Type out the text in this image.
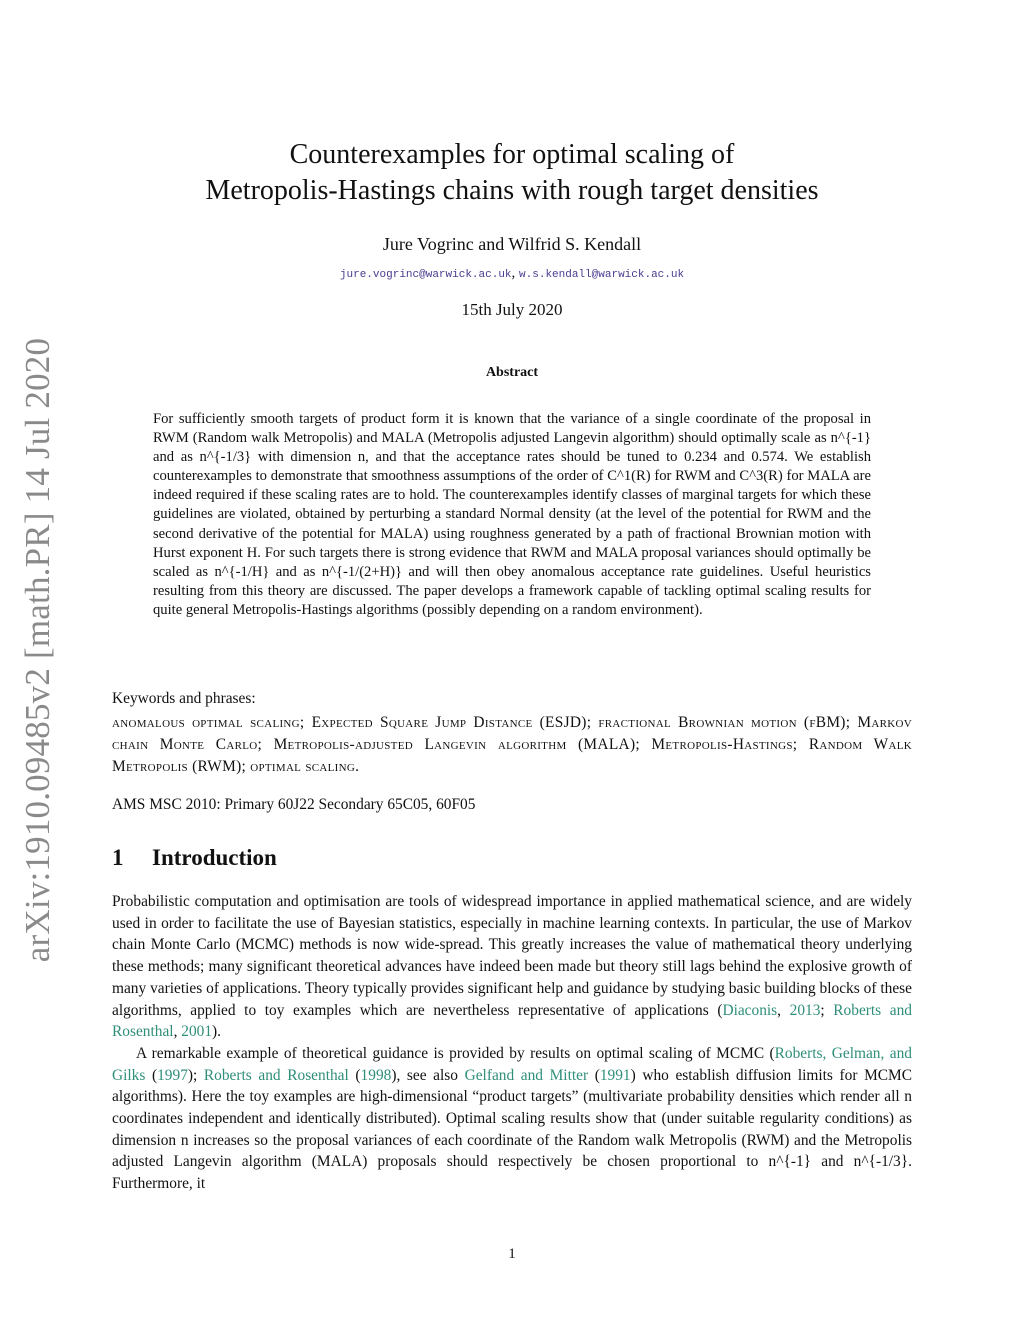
arXiv:1910.09485v2 [math.PR] 14 Jul 2020
Counterexamples for optimal scaling of
Metropolis-Hastings chains with rough target densities
Jure Vogrinc and Wilfrid S. Kendall
jure.vogrinc@warwick.ac.uk, w.s.kendall@warwick.ac.uk
15th July 2020
Abstract
For sufficiently smooth targets of product form it is known that the variance of a single coordinate of the proposal in RWM (Random walk Metropolis) and MALA (Metropolis adjusted Langevin algorithm) should optimally scale as n^{-1} and as n^{-1/3} with dimension n, and that the acceptance rates should be tuned to 0.234 and 0.574. We establish counterexamples to demonstrate that smoothness assumptions of the order of C^1(R) for RWM and C^3(R) for MALA are indeed required if these scaling rates are to hold. The counterexamples identify classes of marginal targets for which these guidelines are violated, obtained by perturbing a standard Normal density (at the level of the potential for RWM and the second derivative of the potential for MALA) using roughness generated by a path of fractional Brownian motion with Hurst exponent H. For such targets there is strong evidence that RWM and MALA proposal variances should optimally be scaled as n^{-1/H} and as n^{-1/(2+H)} and will then obey anomalous acceptance rate guidelines. Useful heuristics resulting from this theory are discussed. The paper develops a framework capable of tackling optimal scaling results for quite general Metropolis-Hastings algorithms (possibly depending on a random environment).
Keywords and phrases:
anomalous optimal scaling; Expected Square Jump Distance (ESJD); fractional Brownian motion (fBM); Markov chain Monte Carlo; Metropolis-adjusted Langevin algorithm (MALA); Metropolis-Hastings; Random Walk Metropolis (RWM); optimal scaling.
AMS MSC 2010: Primary 60J22 Secondary 65C05, 60F05
1 Introduction

Probabilistic computation and optimisation are tools of widespread importance in applied mathematical science, and are widely used in order to facilitate the use of Bayesian statistics, especially in machine learning contexts. In particular, the use of Markov chain Monte Carlo (MCMC) methods is now wide-spread. This greatly increases the value of mathematical theory underlying these methods; many significant theoretical advances have indeed been made but theory still lags behind the explosive growth of many varieties of applications. Theory typically provides significant help and guidance by studying basic building blocks of these algorithms, applied to toy examples which are nevertheless representative of applications (Diaconis, 2013; Roberts and Rosenthal, 2001).

A remarkable example of theoretical guidance is provided by results on optimal scaling of MCMC (Roberts, Gelman, and Gilks (1997); Roberts and Rosenthal (1998), see also Gelfand and Mitter (1991) who establish diffusion limits for MCMC algorithms). Here the toy examples are high-dimensional “product targets” (multivariate probability densities which render all n coordinates independent and identically distributed). Optimal scaling results show that (under suitable regularity conditions) as dimension n increases so the proposal variances of each coordinate of the Random walk Metropolis (RWM) and the Metropolis adjusted Langevin algorithm (MALA) proposals should respectively be chosen proportional to n^{-1} and n^{-1/3}. Furthermore, it

1
